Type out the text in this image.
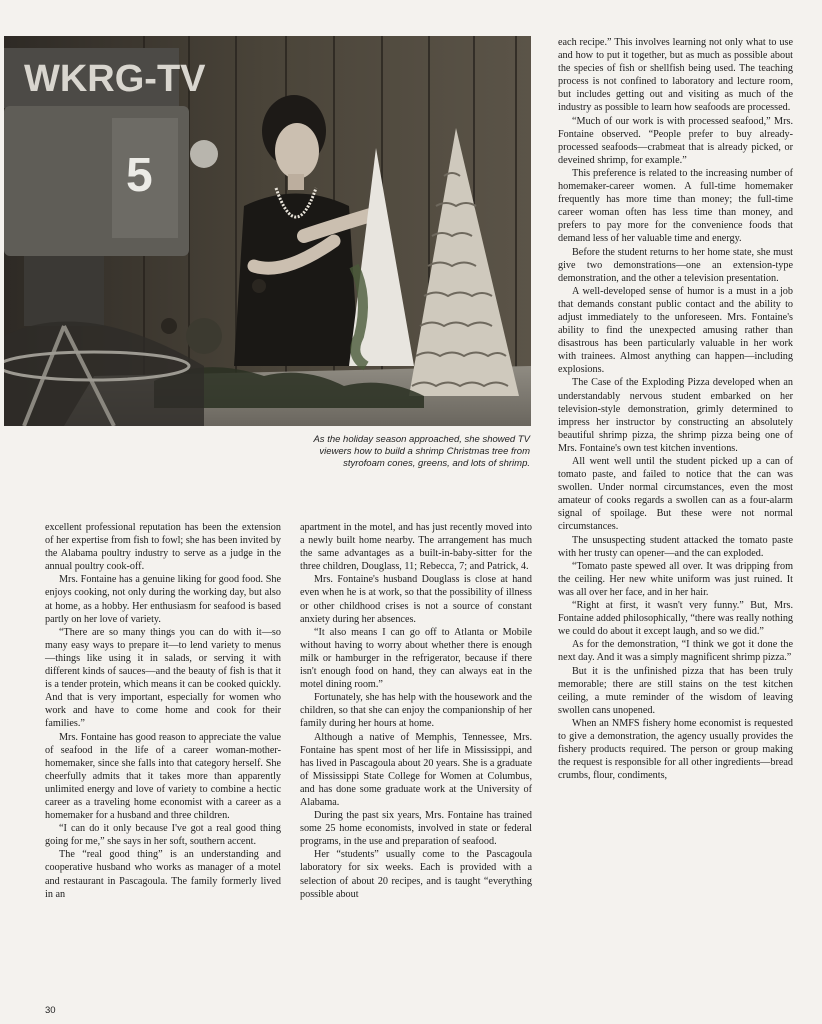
WKRG-TV
5
As the holiday season approached, she showed TV viewers how to build a shrimp Christmas tree from styrofoam cones, greens, and lots of shrimp.

excellent professional reputation has been the extension of her expertise from fish to fowl; she has been invited by the Alabama poultry industry to serve as a judge in the annual poultry cook-off.

Mrs. Fontaine has a genuine liking for good food. She enjoys cooking, not only during the working day, but also at home, as a hobby. Her enthusiasm for seafood is based partly on her love of variety.

“There are so many things you can do with it—so many easy ways to prepare it—to lend variety to menus—things like using it in salads, or serving it with different kinds of sauces—and the beauty of fish is that it is a tender protein, which means it can be cooked quickly. And that is very important, especially for women who work and have to come home and cook for their families.”

Mrs. Fontaine has good reason to appreciate the value of seafood in the life of a career woman-mother-homemaker, since she falls into that category herself. She cheerfully admits that it takes more than apparently unlimited energy and love of variety to combine a hectic career as a traveling home economist with a career as a homemaker for a husband and three children.

“I can do it only because I've got a real good thing going for me,” she says in her soft, southern accent.

The “real good thing” is an understanding and cooperative husband who works as manager of a motel and restaurant in Pascagoula. The family formerly lived in an

apartment in the motel, and has just recently moved into a newly built home nearby. The arrangement has much the same advantages as a built-in-baby-sitter for the three children, Douglass, 11; Rebecca, 7; and Patrick, 4.

Mrs. Fontaine's husband Douglass is close at hand even when he is at work, so that the possibility of illness or other childhood crises is not a source of constant anxiety during her absences.

“It also means I can go off to Atlanta or Mobile without having to worry about whether there is enough milk or hamburger in the refrigerator, because if there isn't enough food on hand, they can always eat in the motel dining room.”

Fortunately, she has help with the housework and the children, so that she can enjoy the companionship of her family during her hours at home.

Although a native of Memphis, Tennessee, Mrs. Fontaine has spent most of her life in Mississippi, and has lived in Pascagoula about 20 years. She is a graduate of Mississippi State College for Women at Columbus, and has done some graduate work at the University of Alabama.

During the past six years, Mrs. Fontaine has trained some 25 home economists, involved in state or federal programs, in the use and preparation of seafood.

Her “students” usually come to the Pascagoula laboratory for six weeks. Each is provided with a selection of about 20 recipes, and is taught “everything possible about

each recipe.” This involves learning not only what to use and how to put it together, but as much as possible about the species of fish or shellfish being used. The teaching process is not confined to laboratory and lecture room, but includes getting out and visiting as much of the industry as possible to learn how seafoods are processed.

“Much of our work is with processed seafood,” Mrs. Fontaine observed. “People prefer to buy already-processed seafoods—crabmeat that is already picked, or deveined shrimp, for example.”

This preference is related to the increasing number of homemaker-career women. A full-time homemaker frequently has more time than money; the full-time career woman often has less time than money, and prefers to pay more for the convenience foods that demand less of her valuable time and energy.

Before the student returns to her home state, she must give two demonstrations—one an extension-type demonstration, and the other a television presentation.

A well-developed sense of humor is a must in a job that demands constant public contact and the ability to adjust immediately to the unforeseen. Mrs. Fontaine's ability to find the unexpected amusing rather than disastrous has been particularly valuable in her work with trainees. Almost anything can happen—including explosions.

The Case of the Exploding Pizza developed when an understandably nervous student embarked on her television-style demonstration, grimly determined to impress her instructor by constructing an absolutely beautiful shrimp pizza, the shrimp pizza being one of Mrs. Fontaine's own test kitchen inventions.

All went well until the student picked up a can of tomato paste, and failed to notice that the can was swollen. Under normal circumstances, even the most amateur of cooks regards a swollen can as a four-alarm signal of spoilage. But these were not normal circumstances.

The unsuspecting student attacked the tomato paste with her trusty can opener—and the can exploded.

“Tomato paste spewed all over. It was dripping from the ceiling. Her new white uniform was just ruined. It was all over her face, and in her hair.

“Right at first, it wasn't very funny.” But, Mrs. Fontaine added philosophically, “there was really nothing we could do about it except laugh, and so we did.”

As for the demonstration, “I think we got it done the next day. And it was a simply magnificent shrimp pizza.”

But it is the unfinished pizza that has been truly memorable; there are still stains on the test kitchen ceiling, a mute reminder of the wisdom of leaving swollen cans unopened.

When an NMFS fishery home economist is requested to give a demonstration, the agency usually provides the fishery products required. The person or group making the request is responsible for all other ingredients—bread crumbs, flour, condiments,

30
